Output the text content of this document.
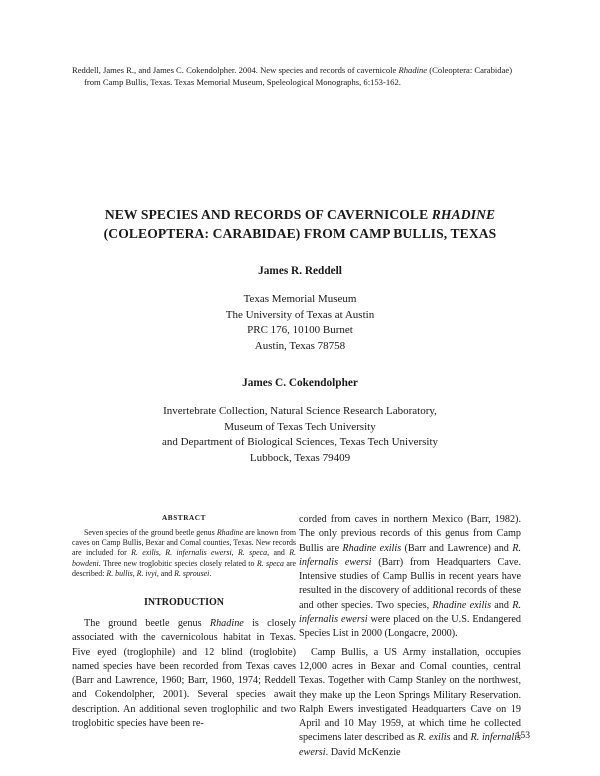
Reddell, James R., and James C. Cokendolpher. 2004. New species and records of cavernicole Rhadine (Coleoptera: Carabidae)

from Camp Bullis, Texas. Texas Memorial Museum, Speleological Monographs, 6:153-162.

NEW SPECIES AND RECORDS OF CAVERNICOLE RHADINE

(COLEOPTERA: CARABIDAE) FROM CAMP BULLIS, TEXAS

James R. Reddell

Texas Memorial Museum

The University of Texas at Austin

PRC 176, 10100 Burnet

Austin, Texas 78758

James C. Cokendolpher

Invertebrate Collection, Natural Science Research Laboratory,

Museum of Texas Tech University

and Department of Biological Sciences, Texas Tech University

Lubbock, Texas 79409

ABSTRACT

Seven species of the ground beetle genus Rhadine are known from caves on Camp Bullis, Bexar and Comal counties, Texas. New records are included for R. exilis, R. infernalis ewersi, R. speca, and R. bowdeni. Three new troglobitic species closely related to R. speca are described: R. bullis, R. ivyi, and R. sprousei.

INTRODUCTION

The ground beetle genus Rhadine is closely associated with the cavernicolous habitat in Texas. Five eyed (troglophile) and 12 blind (troglobite) named species have been recorded from Texas caves (Barr and Lawrence, 1960; Barr, 1960, 1974; Reddell and Cokendolpher, 2001). Several species await description. An additional seven troglophilic and two troglobitic species have been re-

corded from caves in northern Mexico (Barr, 1982). The only previous records of this genus from Camp Bullis are Rhadine exilis (Barr and Lawrence) and R. infernalis ewersi (Barr) from Headquarters Cave. Intensive studies of Camp Bullis in recent years have resulted in the discovery of additional records of these and other species. Two species, Rhadine exilis and R. infernalis ewersi were placed on the U.S. Endangered Species List in 2000 (Longacre, 2000).

Camp Bullis, a US Army installation, occupies 12,000 acres in Bexar and Comal counties, central Texas. Together with Camp Stanley on the northwest, they make up the Leon Springs Military Reservation. Ralph Ewers investigated Headquarters Cave on 19 April and 10 May 1959, at which time he collected specimens later described as R. exilis and R. infernalis ewersi. David McKenzie

153
